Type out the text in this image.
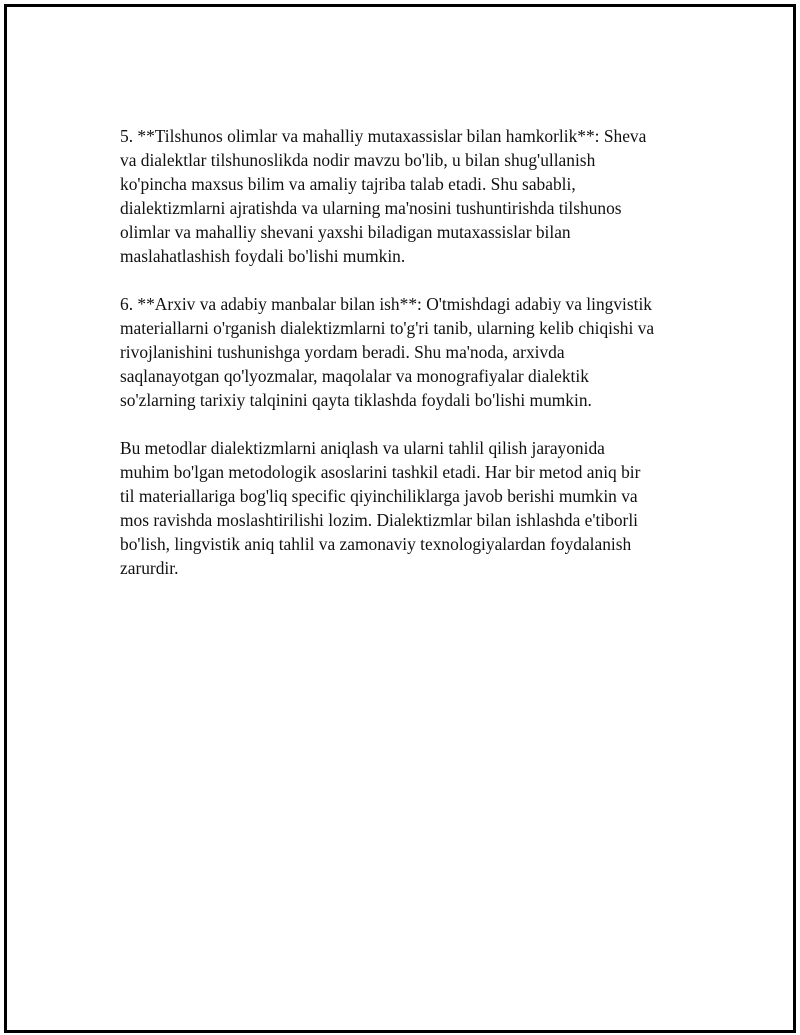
5. **Tilshunos olimlar va mahalliy mutaxassislar bilan hamkorlik**: Sheva
va dialektlar tilshunoslikda nodir mavzu bo'lib, u bilan shug'ullanish
ko'pincha maxsus bilim va amaliy tajriba talab etadi. Shu sababli,
dialektizmlarni ajratishda va ularning ma'nosini tushuntirishda tilshunos
olimlar va mahalliy shevani yaxshi biladigan mutaxassislar bilan
maslahatlashish foydali bo'lishi mumkin.

6. **Arxiv va adabiy manbalar bilan ish**: O'tmishdagi adabiy va lingvistik
materiallarni o'rganish dialektizmlarni to'g'ri tanib, ularning kelib chiqishi va
rivojlanishini tushunishga yordam beradi. Shu ma'noda, arxivda
saqlanayotgan qo'lyozmalar, maqolalar va monografiyalar dialektik
so'zlarning tarixiy talqinini qayta tiklashda foydali bo'lishi mumkin.

Bu metodlar dialektizmlarni aniqlash va ularni tahlil qilish jarayonida
muhim bo'lgan metodologik asoslarini tashkil etadi. Har bir metod aniq bir
til materiallariga bog'liq specific qiyinchiliklarga javob berishi mumkin va
mos ravishda moslashtirilishi lozim. Dialektizmlar bilan ishlashda e'tiborli
bo'lish, lingvistik aniq tahlil va zamonaviy texnologiyalardan foydalanish
zarurdir.
